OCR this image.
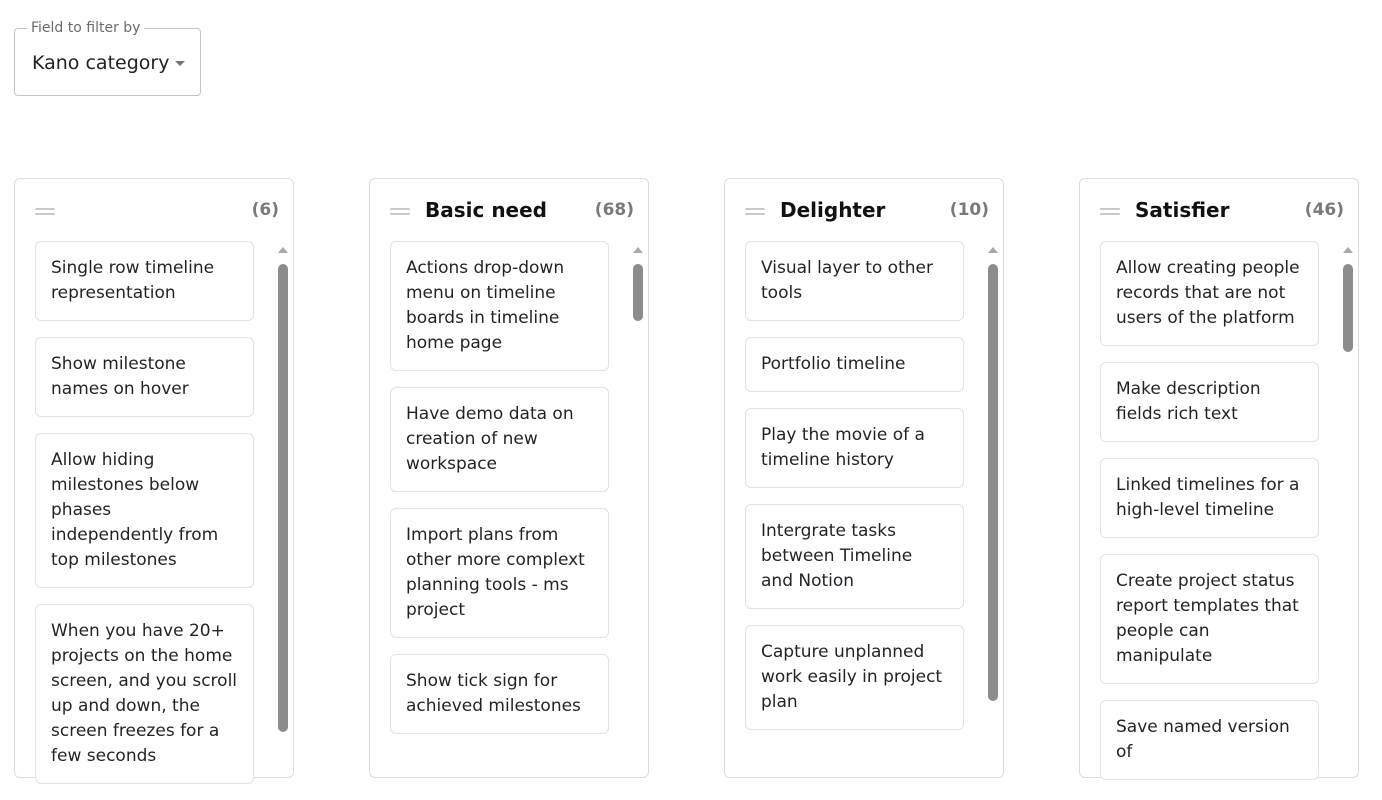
Field to filter by
Kano category
(6)
Single row timeline representation
Show milestone names on hover
Allow hiding milestones below phases independently from top milestones
When you have 20+ projects on the home screen, and you scroll up and down, the screen freezes for a few seconds
Basic need	(68)
Actions drop-down menu on timeline boards in timeline home page
Have demo data on creation of new workspace
Import plans from other more complext planning tools - ms project
Show tick sign for achieved milestones
Delighter	(10)
Visual layer to other tools
Portfolio timeline
Play the movie of a timeline history
Intergrate tasks between Timeline and Notion
Capture unplanned work easily in project plan
Satisfier	(46)
Allow creating people records that are not users of the platform
Make description fields rich text
Linked timelines for a high-level timeline
Create project status report templates that people can manipulate
Save named version of
